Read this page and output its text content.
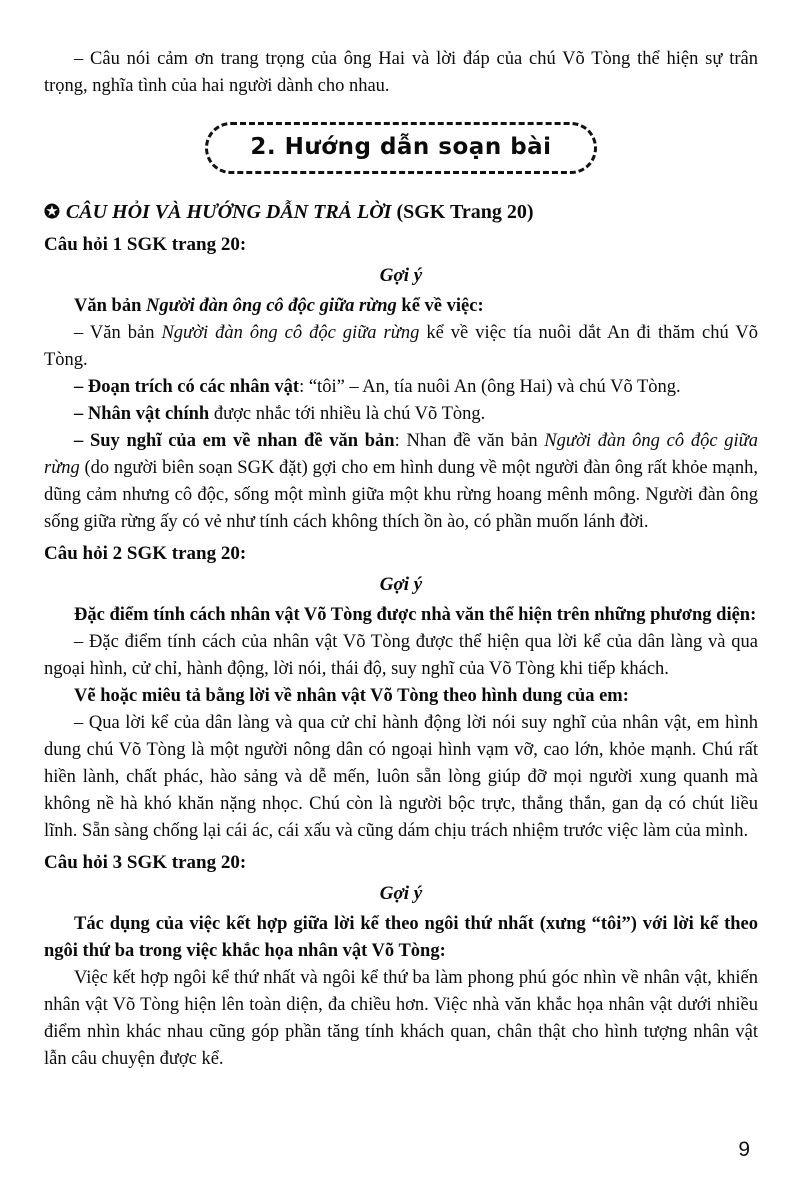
– Câu nói cảm ơn trang trọng của ông Hai và lời đáp của chú Võ Tòng thể hiện sự trân trọng, nghĩa tình của hai người dành cho nhau.

2. Hướng dẫn soạn bài

✪ CÂU HỎI VÀ HƯỚNG DẪN TRẢ LỜI (SGK Trang 20)

Câu hỏi 1 SGK trang 20:

Gợi ý

Văn bản Người đàn ông cô độc giữa rừng kể về việc:

– Văn bản Người đàn ông cô độc giữa rừng kể về việc tía nuôi dắt An đi thăm chú Võ Tòng.

– Đoạn trích có các nhân vật: “tôi” – An, tía nuôi An (ông Hai) và chú Võ Tòng.

– Nhân vật chính được nhắc tới nhiều là chú Võ Tòng.

– Suy nghĩ của em về nhan đề văn bản: Nhan đề văn bản Người đàn ông cô độc giữa rừng (do người biên soạn SGK đặt) gợi cho em hình dung về một người đàn ông rất khỏe mạnh, dũng cảm nhưng cô độc, sống một mình giữa một khu rừng hoang mênh mông. Người đàn ông sống giữa rừng ấy có vẻ như tính cách không thích ồn ào, có phần muốn lánh đời.

Câu hỏi 2 SGK trang 20:

Gợi ý

Đặc điểm tính cách nhân vật Võ Tòng được nhà văn thể hiện trên những phương diện:

– Đặc điểm tính cách của nhân vật Võ Tòng được thể hiện qua lời kể của dân làng và qua ngoại hình, cử chỉ, hành động, lời nói, thái độ, suy nghĩ của Võ Tòng khi tiếp khách.

Vẽ hoặc miêu tả bằng lời về nhân vật Võ Tòng theo hình dung của em:

– Qua lời kể của dân làng và qua cử chỉ hành động lời nói suy nghĩ của nhân vật, em hình dung chú Võ Tòng là một người nông dân có ngoại hình vạm vỡ, cao lớn, khỏe mạnh. Chú rất hiền lành, chất phác, hào sảng và dễ mến, luôn sẵn lòng giúp đỡ mọi người xung quanh mà không nề hà khó khăn nặng nhọc. Chú còn là người bộc trực, thẳng thắn, gan dạ có chút liều lĩnh. Sẵn sàng chống lại cái ác, cái xấu và cũng dám chịu trách nhiệm trước việc làm của mình.

Câu hỏi 3 SGK trang 20:

Gợi ý

Tác dụng của việc kết hợp giữa lời kể theo ngôi thứ nhất (xưng “tôi”) với lời kể theo ngôi thứ ba trong việc khắc họa nhân vật Võ Tòng:

Việc kết hợp ngôi kể thứ nhất và ngôi kể thứ ba làm phong phú góc nhìn về nhân vật, khiến nhân vật Võ Tòng hiện lên toàn diện, đa chiều hơn. Việc nhà văn khắc họa nhân vật dưới nhiều điểm nhìn khác nhau cũng góp phần tăng tính khách quan, chân thật cho hình tượng nhân vật lẫn câu chuyện được kể.

9
